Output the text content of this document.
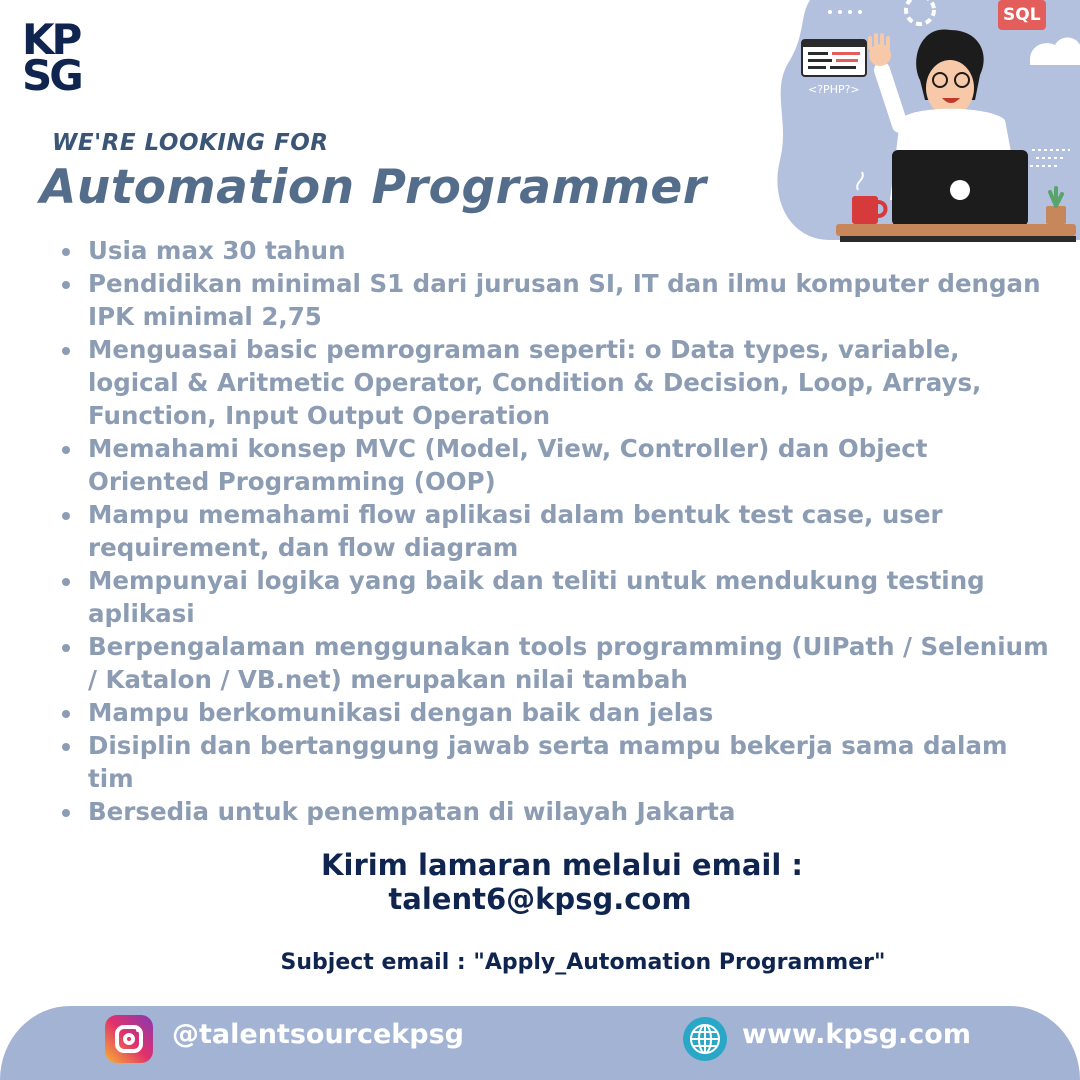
KP
SG
SQL
<?PHP?>
WE'RE LOOKING FOR
Automation Programmer
Usia max 30 tahun
Pendidikan minimal S1 dari jurusan SI, IT dan ilmu komputer dengan IPK minimal 2,75
Menguasai basic pemrograman seperti: o Data types, variable, logical & Aritmetic Operator, Condition & Decision, Loop, Arrays, Function, Input Output Operation
Memahami konsep MVC (Model, View, Controller) dan Object Oriented Programming (OOP)
Mampu memahami flow aplikasi dalam bentuk test case, user requirement, dan flow diagram
Mempunyai logika yang baik dan teliti untuk mendukung testing aplikasi
Berpengalaman menggunakan tools programming (UIPath / Selenium / Katalon / VB.net) merupakan nilai tambah
Mampu berkomunikasi dengan baik dan jelas
Disiplin dan bertanggung jawab serta mampu bekerja sama dalam tim
Bersedia untuk penempatan di wilayah Jakarta
Kirim lamaran melalui email :
talent6@kpsg.com
Subject email : "Apply_Automation Programmer"
@talentsourcekpsg	www.kpsg.com
